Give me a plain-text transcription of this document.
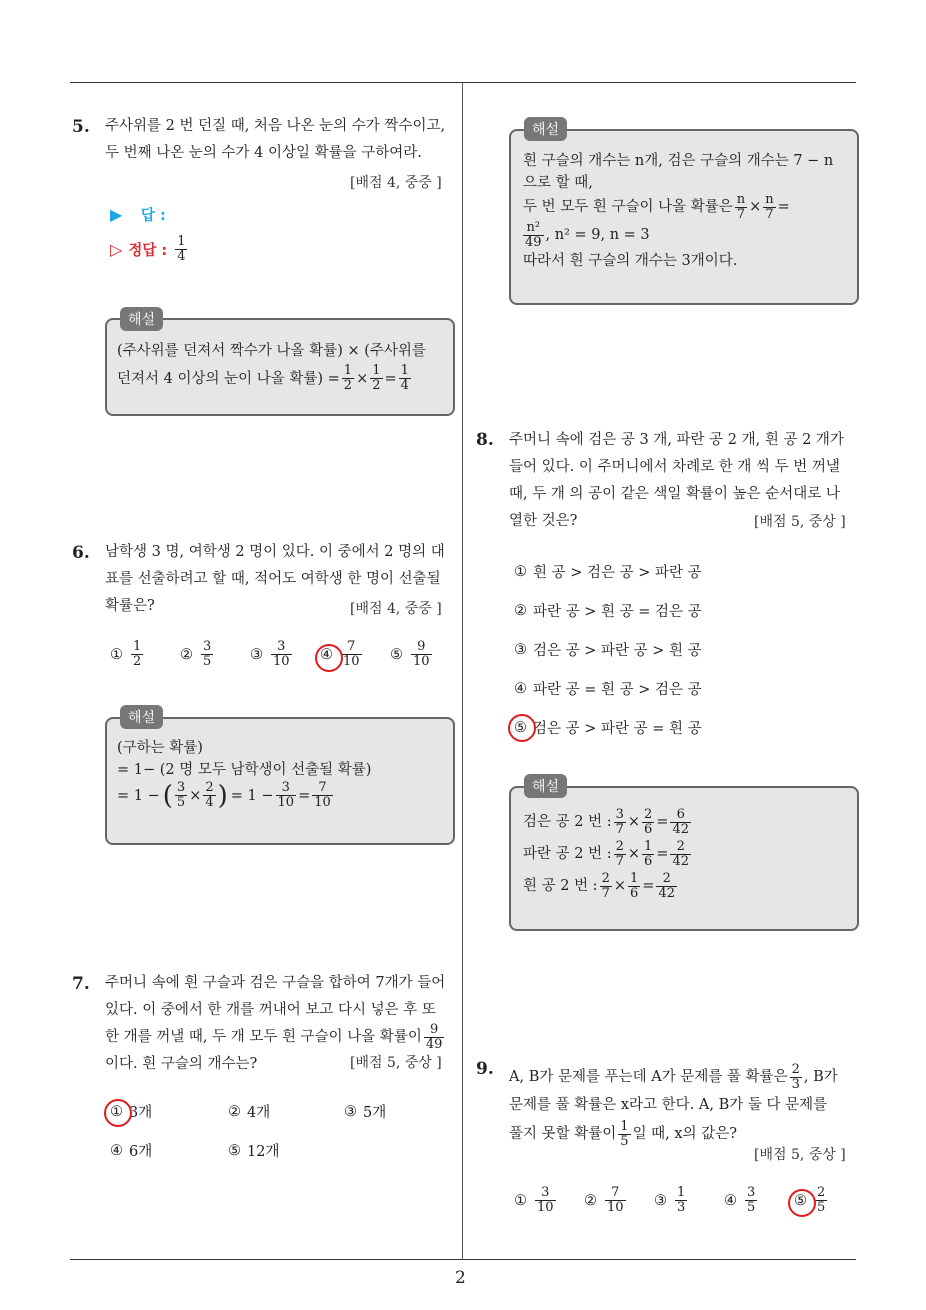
5. 주사위를 2 번 던질 때, 처음 나온 눈의 수가 짝수이고,
두 번째 나온 눈의 수가 4 이상일 확률을 구하여라.
[배점 4, 중중 ]
▶ 답 :
▷ 정답 : $\frac{1}{4}$
해설
(주사위를 던져서 짝수가 나올 확률) × (주사위를
던져서 4 이상의 눈이 나올 확률) = $\frac{1}{2} \times \frac{1}{2} = \frac{1}{4}$
6. 남학생 3 명, 여학생 2 명이 있다. 이 중에서 2 명의 대
표를 선출하려고 할 때, 적어도 여학생 한 명이 선출될
확률은?	[배점 4, 중중 ]
① $\frac{1}{2}$	② $\frac{3}{5}$	③ $\frac{3}{10}$ ④ $\frac{7}{10}$ ⑤ $\frac{9}{10}$
해설
(구하는 확률)
= 1− (2 명 모두 남학생이 선출될 확률)
= 1 − ( $\frac{3}{5} \times \frac{2}{4}$ ) = $1 - \frac{3}{10} = \frac{7}{10}$
7. 주머니 속에 흰 구슬과 검은 구슬을 합하여 7개가 들어
있다. 이 중에서 한 개를 꺼내어 보고 다시 넣은 후 또
한 개를 꺼낼 때, 두 개 모두 흰 구슬이 나올 확률이 $\frac{9}{49}$
이다. 흰 구슬의 개수는?	[배점 5, 중상 ]
① 3개	② 4개	③ 5개
④ 6개	⑤ 12개
해설
흰 구슬의 개수는 n개, 검은 구슬의 개수는 7 − n
으로 할 때,
두 번 모두 흰 구슬이 나올 확률은 $\frac{n}{7} \times \frac{n}{7}$ =
$\frac{\text{n²}}{49}$ , n² = 9, n = 3
따라서 흰 구슬의 개수는 3개이다.
8. 주머니 속에 검은 공 3 개, 파란 공 2 개, 흰 공 2 개가
들어 있다. 이 주머니에서 차례로 한 개 씩 두 번 꺼낼
때, 두 개 의 공이 같은 색일 확률이 높은 순서대로 나
열한 것은?	[배점 5, 중상 ]
① 흰 공 > 검은 공 > 파란 공
② 파란 공 > 흰 공 = 검은 공
③ 검은 공 > 파란 공 > 흰 공
④ 파란 공 = 흰 공 > 검은 공
⑤ 검은 공 > 파란 공 = 흰 공
해설
검은 공 2 번 : $\frac{3}{7} \times \frac{2}{6} = \frac{6}{42}$
파란 공 2 번 : $\frac{2}{7} \times \frac{1}{6} = \frac{2}{42}$
흰 공 2 번 : $\frac{2}{7} \times \frac{1}{6} = \frac{2}{42}$
9. A, B가 문제를 푸는데 A가 문제를 풀 확률은 $\frac{2}{3}$ , B가
문제를 풀 확률은 x라고 한다. A, B가 둘 다 문제를
풀지 못할 확률이 $\frac{1}{5}$ 일 때, x의 값은?
[배점 5, 중상 ]
① $\frac{3}{10}$ ② $\frac{7}{10}$ ③ $\frac{1}{3}$	④ $\frac{3}{5}$	⑤ $\frac{2}{5}$
2
